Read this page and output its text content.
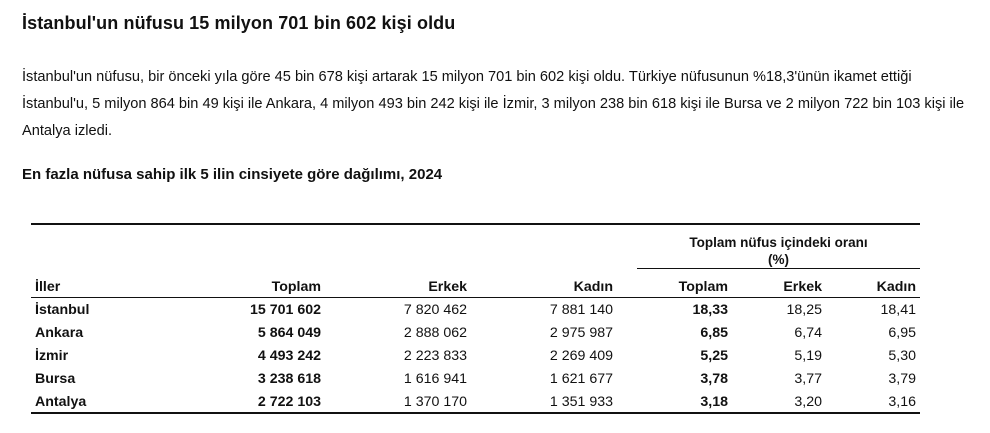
İstanbul'un nüfusu 15 milyon 701 bin 602 kişi oldu
İstanbul'un nüfusu, bir önceki yıla göre 45 bin 678 kişi artarak 15 milyon 701 bin 602 kişi oldu. Türkiye nüfusunun %18,3'ünün ikamet ettiği İstanbul'u, 5 milyon 864 bin 49 kişi ile Ankara, 4 milyon 493 bin 242 kişi ile İzmir, 3 milyon 238 bin 618 kişi ile Bursa ve 2 milyon 722 bin 103 kişi ile Antalya izledi.
En fazla nüfusa sahip ilk 5 ilin cinsiyete göre dağılımı, 2024
Toplam nüfus içindeki oranı
(%)
İller	Toplam	Erkek	Kadın	Toplam	Erkek	Kadın
İstanbul	15 701 602	7 820 462	7 881 140	18,33	18,25	18,41
Ankara	5 864 049	2 888 062	2 975 987	6,85	6,74	6,95
İzmir	4 493 242	2 223 833	2 269 409	5,25	5,19	5,30
Bursa	3 238 618	1 616 941	1 621 677	3,78	3,77	3,79
Antalya	2 722 103	1 370 170	1 351 933	3,18	3,20	3,16
